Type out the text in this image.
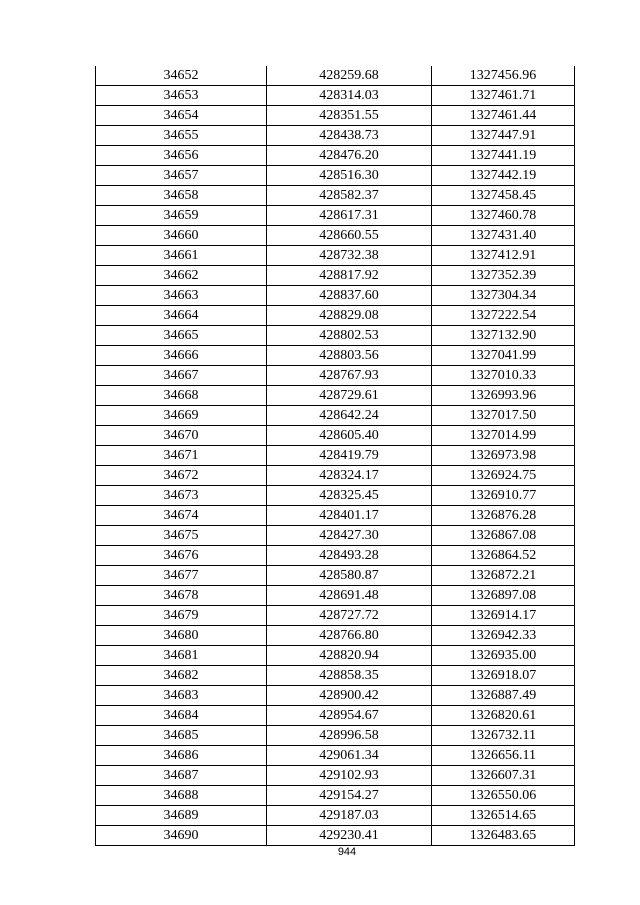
34652	428259.68	1327456.96
34653	428314.03	1327461.71
34654	428351.55	1327461.44
34655	428438.73	1327447.91
34656	428476.20	1327441.19
34657	428516.30	1327442.19
34658	428582.37	1327458.45
34659	428617.31	1327460.78
34660	428660.55	1327431.40
34661	428732.38	1327412.91
34662	428817.92	1327352.39
34663	428837.60	1327304.34
34664	428829.08	1327222.54
34665	428802.53	1327132.90
34666	428803.56	1327041.99
34667	428767.93	1327010.33
34668	428729.61	1326993.96
34669	428642.24	1327017.50
34670	428605.40	1327014.99
34671	428419.79	1326973.98
34672	428324.17	1326924.75
34673	428325.45	1326910.77
34674	428401.17	1326876.28
34675	428427.30	1326867.08
34676	428493.28	1326864.52
34677	428580.87	1326872.21
34678	428691.48	1326897.08
34679	428727.72	1326914.17
34680	428766.80	1326942.33
34681	428820.94	1326935.00
34682	428858.35	1326918.07
34683	428900.42	1326887.49
34684	428954.67	1326820.61
34685	428996.58	1326732.11
34686	429061.34	1326656.11
34687	429102.93	1326607.31
34688	429154.27	1326550.06
34689	429187.03	1326514.65
34690	429230.41	1326483.65
944
